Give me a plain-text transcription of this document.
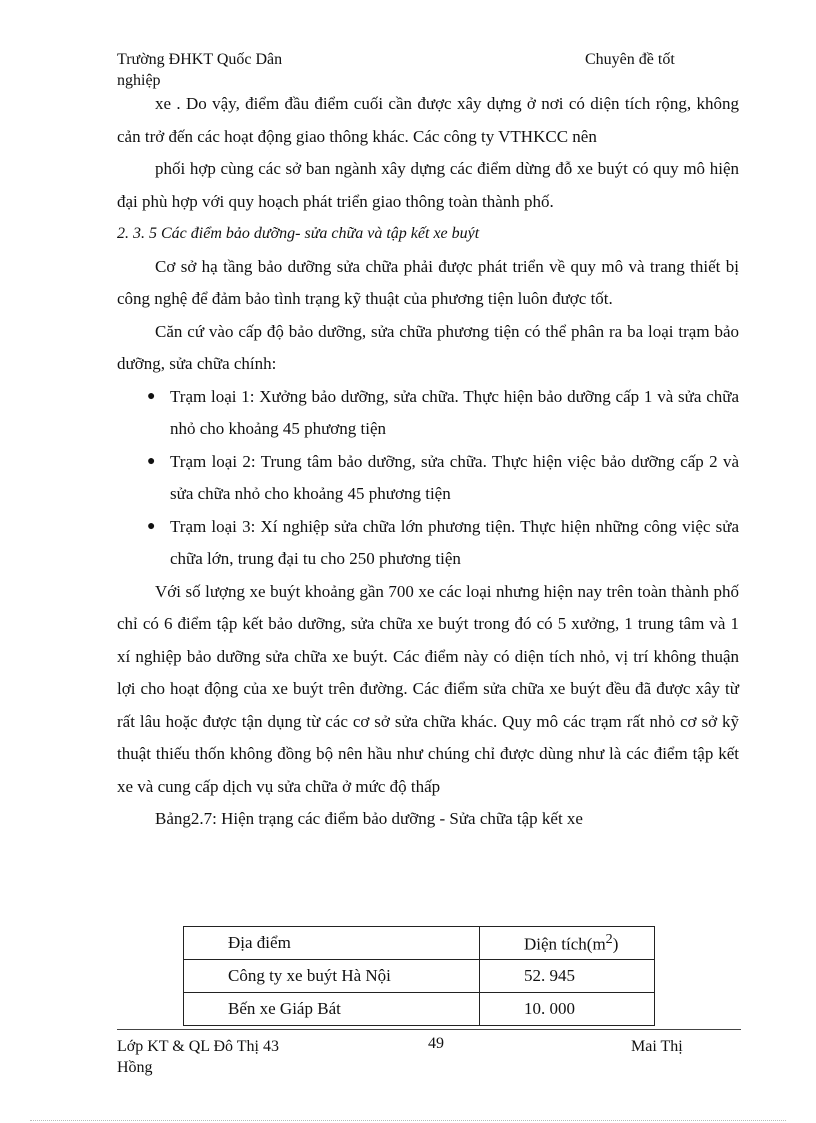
Trường ĐHKT Quốc Dân	Chuyên đề tốt
nghiệp

xe . Do vậy, điểm đầu điểm cuối cần được xây dựng ở nơi có diện tích rộng, không cản trở đến các hoạt động giao thông khác. Các công ty VTHKCC nên

phối hợp cùng các sở ban ngành xây dựng các điểm dừng đỗ xe buýt có quy mô hiện đại phù hợp với quy hoạch phát triển giao thông toàn thành phố.

2. 3. 5 Các điểm bảo dưỡng- sửa chữa và tập kết xe buýt

Cơ sở hạ tầng bảo dưỡng sửa chữa phải được phát triển về quy mô và trang thiết bị công nghệ để đảm bảo tình trạng kỹ thuật của phương tiện luôn được tốt.

Căn cứ vào cấp độ bảo dưỡng, sửa chữa phương tiện có thể phân ra ba loại trạm bảo dưỡng, sửa chữa chính:

● Trạm loại 1: Xưởng bảo dưỡng, sửa chữa. Thực hiện bảo dưỡng cấp 1 và sửa chữa nhỏ cho khoảng 45 phương tiện
● Trạm loại 2: Trung tâm bảo dưỡng, sửa chữa. Thực hiện việc bảo dưỡng cấp 2 và sửa chữa nhỏ cho khoảng 45 phương tiện
● Trạm loại 3: Xí nghiệp sửa chữa lớn phương tiện. Thực hiện những công việc sửa chữa lớn, trung đại tu cho 250 phương tiện

Với số lượng xe buýt khoảng gần 700 xe các loại nhưng hiện nay trên toàn thành phố chỉ có 6 điểm tập kết bảo dưỡng, sửa chữa xe buýt trong đó có 5 xưởng, 1 trung tâm và 1 xí nghiệp bảo dưỡng sửa chữa xe buýt. Các điểm này có diện tích nhỏ, vị trí không thuận lợi cho hoạt động của xe buýt trên đường. Các điểm sửa chữa xe buýt đều đã được xây từ rất lâu hoặc được tận dụng từ các cơ sở sửa chữa khác. Quy mô các trạm rất nhỏ cơ sở kỹ thuật thiếu thốn không đồng bộ nên hầu như chúng chỉ được dùng như là các điểm tập kết xe và cung cấp dịch vụ sửa chữa ở mức độ thấp

Bảng2.7: Hiện trạng các điểm bảo dưỡng - Sửa chữa tập kết xe

Địa điểm	Diện $tích(m^2)$
Công ty xe buýt Hà Nội	52. 945
Bến xe Giáp Bát	10. 000
Lớp KT & QL Đô Thị 43	49	Mai Thị
Hồng
